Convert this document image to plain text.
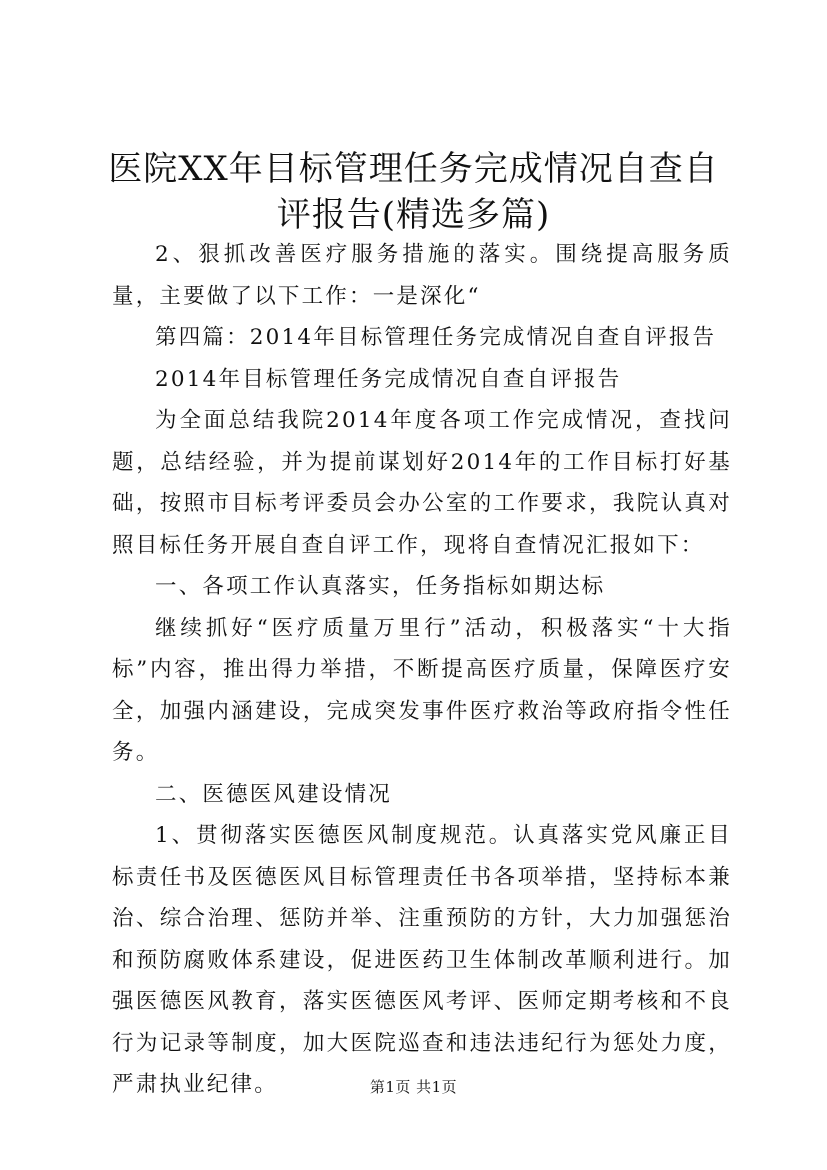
医院XX年目标管理任务完成情况自查自评报告(精选多篇)

2、狠抓改善医疗服务措施的落实。围绕提高服务质量，主要做了以下工作：一是深化“

第四篇：2014年目标管理任务完成情况自查自评报告

2014年目标管理任务完成情况自查自评报告

为全面总结我院2014年度各项工作完成情况，查找问题，总结经验，并为提前谋划好2014年的工作目标打好基础，按照市目标考评委员会办公室的工作要求，我院认真对照目标任务开展自查自评工作，现将自查情况汇报如下：

一、各项工作认真落实，任务指标如期达标

继续抓好“医疗质量万里行”活动，积极落实“十大指标”内容，推出得力举措，不断提高医疗质量，保障医疗安全，加强内涵建设，完成突发事件医疗救治等政府指令性任务。

二、医德医风建设情况

1、贯彻落实医德医风制度规范。认真落实党风廉正目标责任书及医德医风目标管理责任书各项举措，坚持标本兼治、综合治理、惩防并举、注重预防的方针，大力加强惩治和预防腐败体系建设，促进医药卫生体制改革顺利进行。加强医德医风教育，落实医德医风考评、医师定期考核和不良行为记录等制度，加大医院巡查和违法违纪行为惩处力度，严肃执业纪律。	第1页 共1页
